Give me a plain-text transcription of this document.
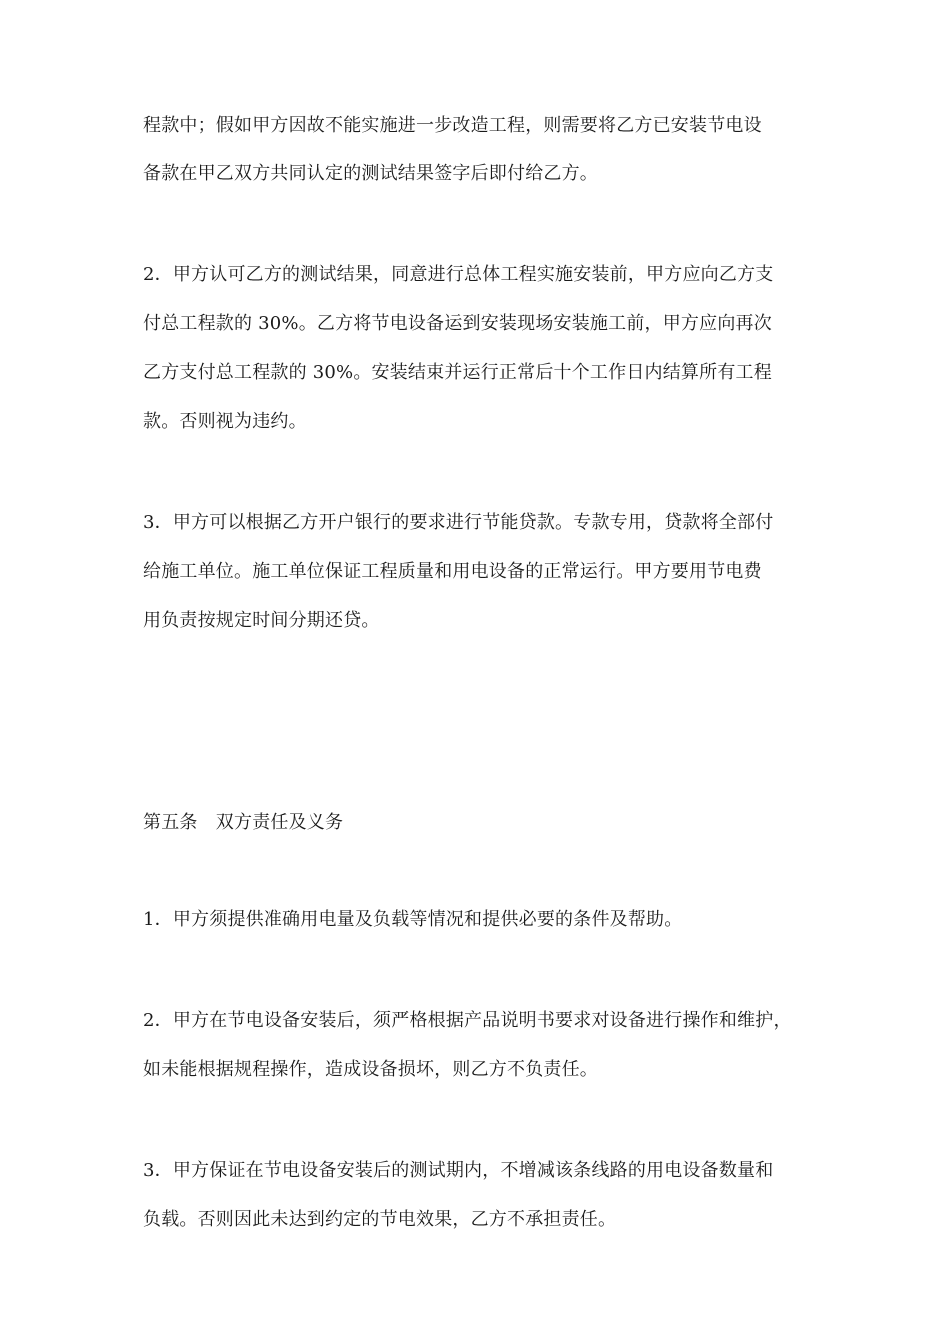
程款中；假如甲方因故不能实施进一步改造工程，则需要将乙方已安装节电设
备款在甲乙双方共同认定的测试结果签字后即付给乙方。
2．甲方认可乙方的测试结果，同意进行总体工程实施安装前，甲方应向乙方支
付总工程款的 30%。乙方将节电设备运到安装现场安装施工前，甲方应向再次
乙方支付总工程款的 30%。安装结束并运行正常后十个工作日内结算所有工程
款。否则视为违约。
3．甲方可以根据乙方开户银行的要求进行节能贷款。专款专用，贷款将全部付
给施工单位。施工单位保证工程质量和用电设备的正常运行。甲方要用节电费
用负责按规定时间分期还贷。
第五条　双方责任及义务
1．甲方须提供准确用电量及负载等情况和提供必要的条件及帮助。
2．甲方在节电设备安装后，须严格根据产品说明书要求对设备进行操作和维护，
如未能根据规程操作，造成设备损坏，则乙方不负责任。
3．甲方保证在节电设备安装后的测试期内，不增减该条线路的用电设备数量和
负载。否则因此未达到约定的节电效果，乙方不承担责任。
